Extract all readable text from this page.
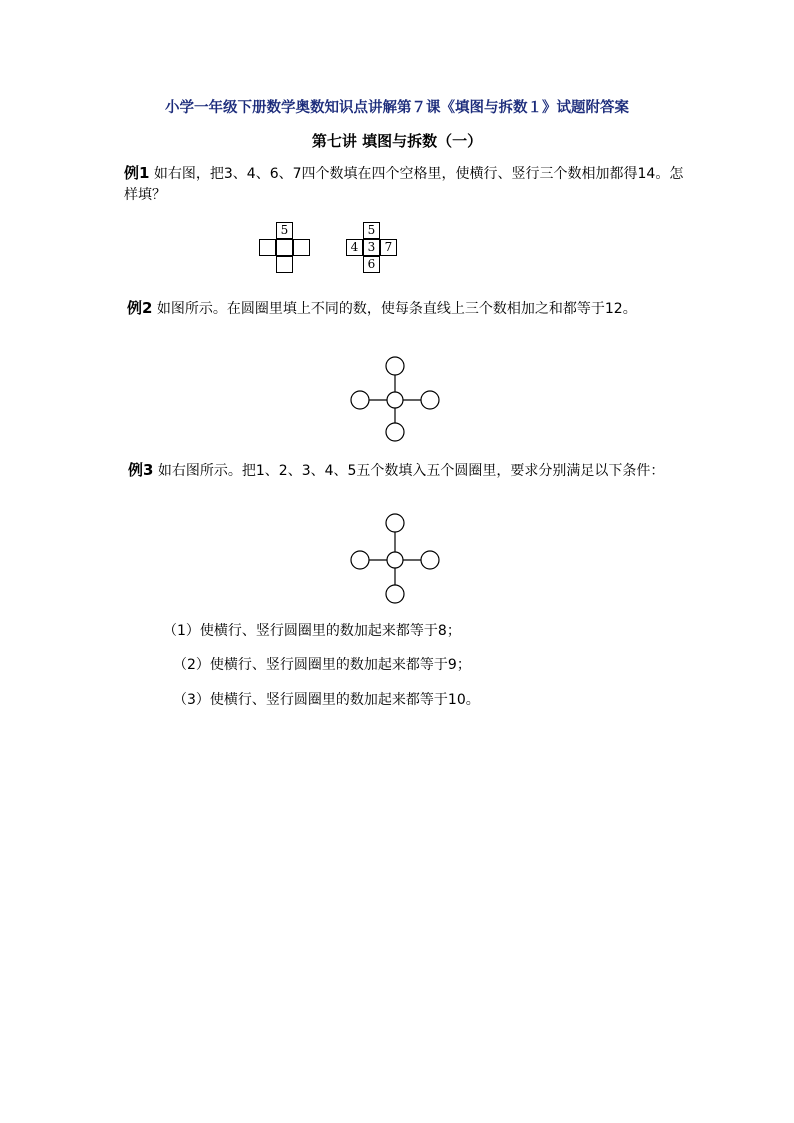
小学一年级下册数学奥数知识点讲解第７课《填图与拆数１》试题附答案
第七讲 填图与拆数（一）
例1 如右图，把3、4、6、7四个数填在四个空格里，使横行、竖行三个数相加都得14。怎样填？
5	5
4 3 7
6
例2 如图所示。在圆圈里填上不同的数，使每条直线上三个数相加之和都等于12。
例3 如右图所示。把1、2、3、4、5五个数填入五个圆圈里，要求分别满足以下条件：
（1）使横行、竖行圆圈里的数加起来都等于8；
（2）使横行、竖行圆圈里的数加起来都等于9；
（3）使横行、竖行圆圈里的数加起来都等于10。
